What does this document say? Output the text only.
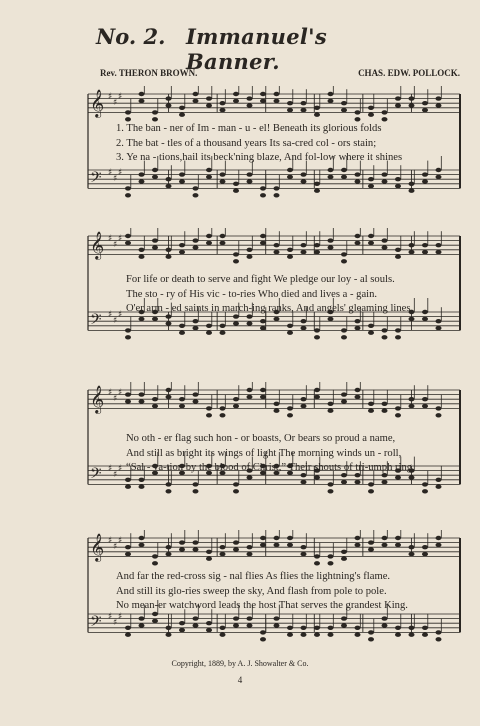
No. 2. Immanuel's Banner.
Rev. THERON BROWN.	CHAS. EDW. POLLOCK.
𝄞 ♯
♯
♯
𝄢 ♯
♯
♯
1. The ban - ner of Im - man - u - el! Beneath its glorious folds
2. The bat - tles of a thousand years Its sa-cred col - ors stain;
3. Ye na - tions,hail its beck'ning blaze, And fol-low where it shines
𝄞 ♯
♯
♯
𝄢 ♯
♯
♯
For life or death to serve and fight We pledge our loy - al souls.
The sto - ry of His vic - to-ries Who died and lives a - gain.
O'er arm - ed saints in march-ing ranks, And angels' gleaming lines.
𝄞 ♯
♯
♯
𝄢 ♯
♯
♯
No oth - er flag such hon - or boasts, Or bears so proud a name,
And still as bright its wings of light The morning winds un - roll,
“Sal - va-tion by the blood of Christ,” Their shouts of tri-umph ring,
𝄞 ♯
♯
♯
𝄢 ♯
♯
♯
And far the red-cross sig - nal flies As flies the lightning's flame.
And still its glo-ries sweep the sky, And flash from pole to pole.
No mean-er watchword leads the host That serves the grandest King.
Copyright, 1889, by A. J. Showalter & Co.
4
